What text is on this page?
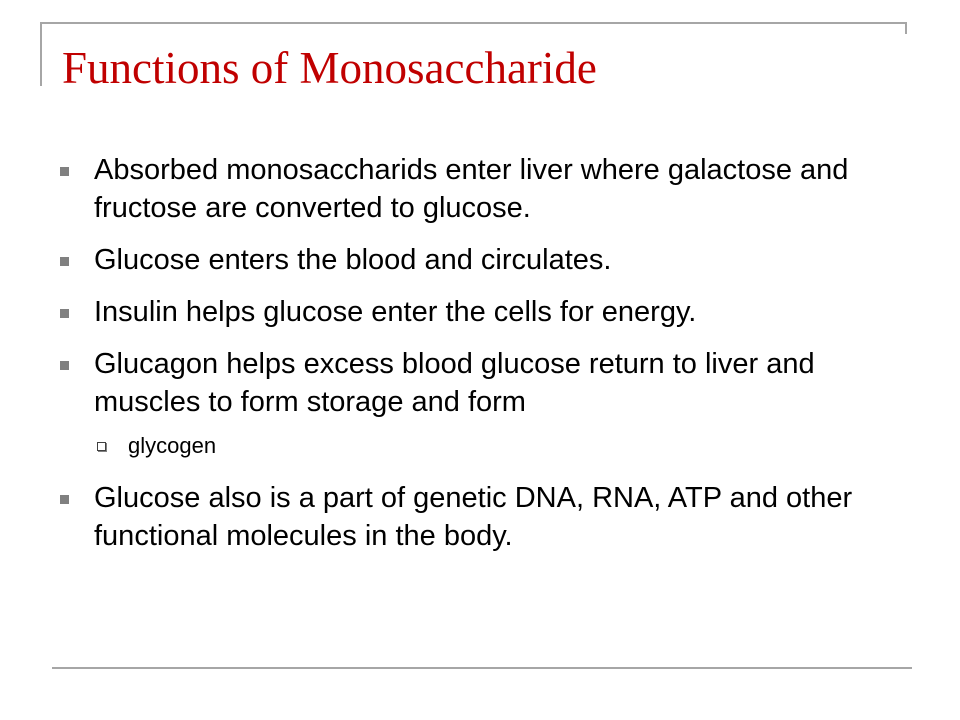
Functions of Monosaccharide
Absorbed monosaccharids enter liver where galactose and fructose are converted to glucose.
Glucose enters the blood and circulates.
Insulin helps glucose enter the cells for energy.
Glucagon helps excess blood glucose return to liver and muscles to form storage and form
glycogen
Glucose also is a part of genetic DNA, RNA, ATP and other functional molecules in the body.
